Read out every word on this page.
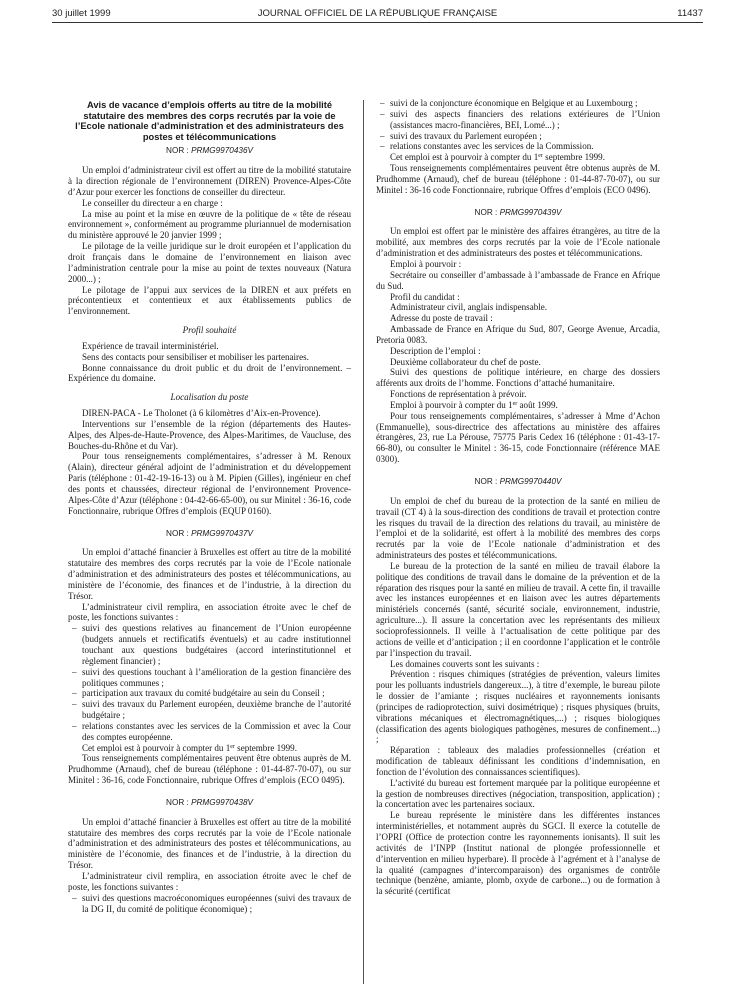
30 juillet 1999	JOURNAL OFFICIEL DE LA RÉPUBLIQUE FRANÇAISE	11437
Avis de vacance d’emplois offerts au titre de la mobilité statutaire des membres des corps recrutés par la voie de l’Ecole nationale d’administration et des administrateurs des postes et télécommunications
NOR : PRMG9970436V

Un emploi d’administrateur civil est offert au titre de la mobilité statutaire à la direction régionale de l’environnement (DIREN) Provence-Alpes-Côte d’Azur pour exercer les fonctions de conseiller du directeur.

Le conseiller du directeur a en charge :

La mise au point et la mise en œuvre de la politique de « tête de réseau environnement », conformément au programme pluriannuel de modernisation du ministère approuvé le 20 janvier 1999 ;

Le pilotage de la veille juridique sur le droit européen et l’application du droit français dans le domaine de l’environnement en liaison avec l’administration centrale pour la mise au point de textes nouveaux (Natura 2000...) ;

Le pilotage de l’appui aux services de la DIREN et aux préfets en précontentieux et contentieux et aux établissements publics de l’environnement.

Profil souhaité

Expérience de travail interministériel.

Sens des contacts pour sensibiliser et mobiliser les partenaires.

Bonne connaissance du droit public et du droit de l’environnement. – Expérience du domaine.

Localisation du poste

DIREN-PACA - Le Tholonet (à 6 kilomètres d’Aix-en-Provence).

Interventions sur l’ensemble de la région (départements des Hautes-Alpes, des Alpes-de-Haute-Provence, des Alpes-Maritimes, de Vaucluse, des Bouches-du-Rhône et du Var).

Pour tous renseignements complémentaires, s’adresser à M. Renoux (Alain), directeur général adjoint de l’administration et du développement Paris (téléphone : 01-42-19-16-13) ou à M. Pipien (Gilles), ingénieur en chef des ponts et chaussées, directeur régional de l’environnement Provence-Alpes-Côte d’Azur (téléphone : 04-42-66-65-00), ou sur Minitel : 36-16, code Fonctionnaire, rubrique Offres d’emplois (EQUP 0160).

NOR : PRMG9970437V

Un emploi d’attaché financier à Bruxelles est offert au titre de la mobilité statutaire des membres des corps recrutés par la voie de l’Ecole nationale d’administration et des administrateurs des postes et télécommunications, au ministère de l’économie, des finances et de l’industrie, à la direction du Trésor.

L’administrateur civil remplira, en association étroite avec le chef de poste, les fonctions suivantes :

– suivi des questions relatives au financement de l’Union européenne (budgets annuels et rectificatifs éventuels) et au cadre institutionnel touchant aux questions budgétaires (accord interinstitutionnel et règlement financier) ;
– suivi des questions touchant à l’amélioration de la gestion financière des politiques communes ;
– participation aux travaux du comité budgétaire au sein du Conseil ;
– suivi des travaux du Parlement européen, deuxième branche de l’autorité budgétaire ;
– relations constantes avec les services de la Commission et avec la Cour des comptes européenne.

Cet emploi est à pourvoir à compter du 1er septembre 1999.

Tous renseignements complémentaires peuvent être obtenus auprès de M. Prudhomme (Arnaud), chef de bureau (téléphone : 01-44-87-70-07), ou sur Minitel : 36-16, code Fonctionnaire, rubrique Offres d’emplois (ECO 0495).

NOR : PRMG9970438V

Un emploi d’attaché financier à Bruxelles est offert au titre de la mobilité statutaire des membres des corps recrutés par la voie de l’Ecole nationale d’administration et des administrateurs des postes et télécommunications, au ministère de l’économie, des finances et de l’industrie, à la direction du Trésor.

L’administrateur civil remplira, en association étroite avec le chef de poste, les fonctions suivantes :

– suivi des questions macroéconomiques européennes (suivi des travaux de la DG II, du comité de politique économique) ;
– suivi de la conjoncture économique en Belgique et au Luxembourg ;
– suivi des aspects financiers des relations extérieures de l’Union (assistances macro-financières, BEI, Lomé...) ;
– suivi des travaux du Parlement européen ;
– relations constantes avec les services de la Commission.

Cet emploi est à pourvoir à compter du 1er septembre 1999.

Tous renseignements complémentaires peuvent être obtenus auprès de M. Prudhomme (Arnaud), chef de bureau (téléphone : 01-44-87-70-07), ou sur Minitel : 36-16 code Fonctionnaire, rubrique Offres d’emplois (ECO 0496).

NOR : PRMG9970439V

Un emploi est offert par le ministère des affaires étrangères, au titre de la mobilité, aux membres des corps recrutés par la voie de l’Ecole nationale d’administration et des administrateurs des postes et télécommunications.

Emploi à pourvoir :

Secrétaire ou conseiller d’ambassade à l’ambassade de France en Afrique du Sud.

Profil du candidat :

Administrateur civil, anglais indispensable.

Adresse du poste de travail :

Ambassade de France en Afrique du Sud, 807, George Avenue, Arcadia, Pretoria 0083.

Description de l’emploi :

Deuxième collaborateur du chef de poste.

Suivi des questions de politique intérieure, en charge des dossiers afférents aux droits de l’homme. Fonctions d’attaché humanitaire.

Fonctions de représentation à prévoir.

Emploi à pourvoir à compter du 1er août 1999.

Pour tous renseignements complémentaires, s’adresser à Mme d’Achon (Emmanuelle), sous-directrice des affectations au ministère des affaires étrangères, 23, rue La Pérouse, 75775 Paris Cedex 16 (téléphone : 01-43-17-66-80), ou consulter le Minitel : 36-15, code Fonctionnaire (référence MAE 0300).

NOR : PRMG9970440V

Un emploi de chef du bureau de la protection de la santé en milieu de travail (CT 4) à la sous-direction des conditions de travail et protection contre les risques du travail de la direction des relations du travail, au ministère de l’emploi et de la solidarité, est offert à la mobilité des membres des corps recrutés par la voie de l’Ecole nationale d’administration et des administrateurs des postes et télécommunications.

Le bureau de la protection de la santé en milieu de travail élabore la politique des conditions de travail dans le domaine de la prévention et de la réparation des risques pour la santé en milieu de travail. A cette fin, il travaille avec les instances européennes et en liaison avec les autres départements ministériels concernés (santé, sécurité sociale, environnement, industrie, agriculture...). Il assure la concertation avec les représentants des milieux socioprofessionnels. Il veille à l’actualisation de cette politique par des actions de veille et d’anticipation ; il en coordonne l’application et le contrôle par l’inspection du travail.

Les domaines couverts sont les suivants :

Prévention : risques chimiques (stratégies de prévention, valeurs limites pour les polluants industriels dangereux...), à titre d’exemple, le bureau pilote le dossier de l’amiante ; risques nucléaires et rayonnements ionisants (principes de radioprotection, suivi dosimétrique) ; risques physiques (bruits, vibrations mécaniques et électromagnétiques,...) ; risques biologiques (classification des agents biologiques pathogènes, mesures de confinement...) ;

Réparation : tableaux des maladies professionnelles (création et modification de tableaux définissant les conditions d’indemnisation, en fonction de l’évolution des connaissances scientifiques).

L’activité du bureau est fortement marquée par la politique européenne et la gestion de nombreuses directives (négociation, transposition, application) ; la concertation avec les partenaires sociaux.

Le bureau représente le ministère dans les différentes instances interministérielles, et notamment auprès du SGCI. Il exerce la cotutelle de l’OPRI (Office de protection contre les rayonnements ionisants). Il suit les activités de l’INPP (Institut national de plongée professionnelle et d’intervention en milieu hyperbare). Il procède à l’agrément et à l’analyse de la qualité (campagnes d’intercomparaison) des organismes de contrôle technique (benzène, amiante, plomb, oxyde de carbone...) ou de formation à la sécurité (certificat
